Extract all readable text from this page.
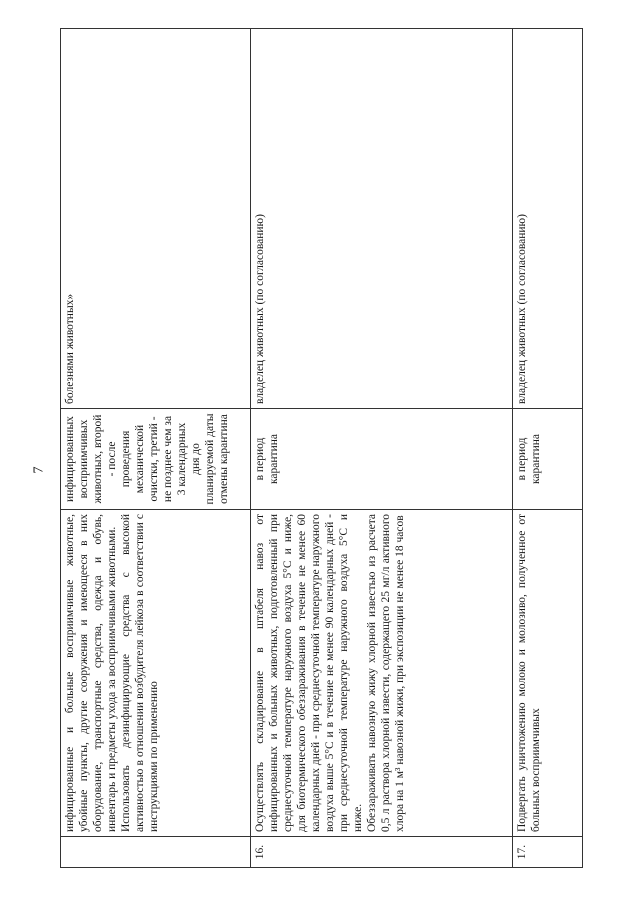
7

	инфицированные и больные восприимчивые животные, убойные пункты, другие сооружения и имеющееся в них оборудование, транспортные средства, одежда и обувь, инвентарь и предметы ухода за восприимчивыми животными. Использовать дезинфицирующие средства с высокой активностью в отношении возбудителя лейкоза в соответствии с инструкциями по применению	инфицированных восприимчивых животных, второй - после проведения механической очистки, третий - не позднее чем за 3 календарных дня до планируемой даты отмены карантина	болезнями животных»
16.	Осуществлять складирование в штабеля навоз от инфицированных и больных животных, подготовленный при среднесуточной температуре наружного воздуха 5°С и ниже, для биотермического обеззараживания в течение не менее 60 календарных дней - при среднесуточной температуре наружного воздуха выше 5°С и в течение не менее 90 календарных дней - при среднесуточной температуре наружного воздуха 5°С и ниже. Обеззараживать навозную жижу хлорной известью из расчета 0,5 л раствора хлорной извести, содержащего 25 мг/л активного хлора на 1 м³ навозной жижи, при экспозиции не менее 18 часов	в период карантина	владелец животных (по согласованию)
17.	Подвергать уничтожению молоко и молозиво, полученное от больных восприимчивых	в период карантина	владелец животных (по согласованию)
